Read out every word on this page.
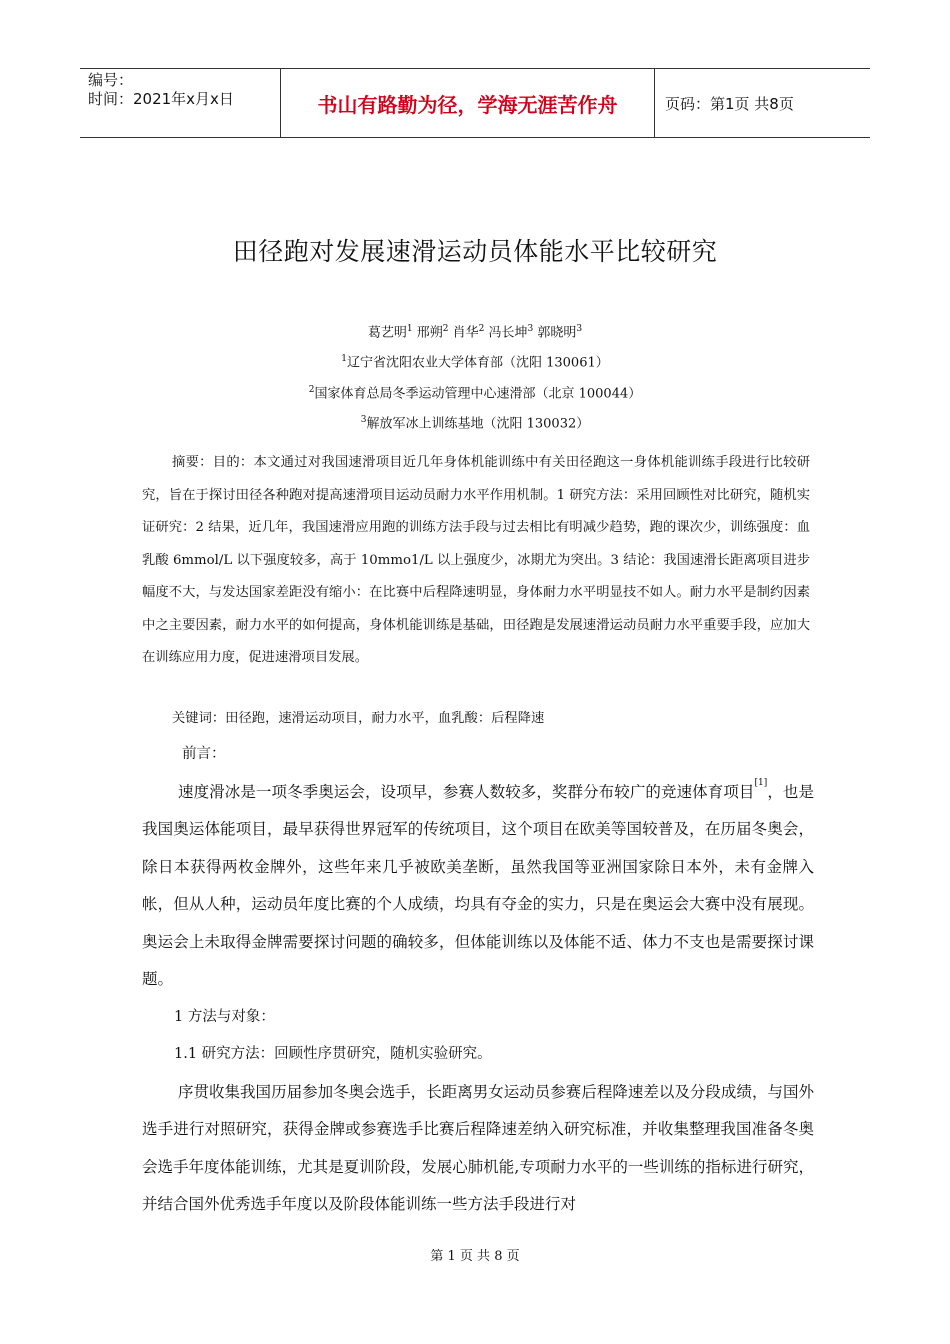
编号：
时间：2021年x月x日	书山有路勤为径，学海无涯苦作舟	页码：第1页 共8页
田径跑对发展速滑运动员体能水平比较研究
葛艺明$^1$ 邢朔$^2$ 肖华$^2$ 冯长坤$^3$ 郭晓明$^3$
$^1$辽宁省沈阳农业大学体育部（沈阳 130061）
$^2$国家体育总局冬季运动管理中心速滑部（北京 100044）
$^3$解放军冰上训练基地（沈阳 130032）

摘要：目的：本文通过对我国速滑项目近几年身体机能训练中有关田径跑这一身体机能训练手段进行比较研究，旨在于探讨田径各种跑对提高速滑项目运动员耐力水平作用机制。1 研究方法：采用回顾性对比研究，随机实证研究：2 结果，近几年，我国速滑应用跑的训练方法手段与过去相比有明减少趋势，跑的课次少，训练强度：血乳酸 6mmol/L 以下强度较多，高于 10mmo1/L 以上强度少，冰期尤为突出。3 结论：我国速滑长距离项目进步幅度不大，与发达国家差距没有缩小：在比赛中后程降速明显，身体耐力水平明显技不如人。耐力水平是制约因素中之主要因素，耐力水平的如何提高，身体机能训练是基础，田径跑是发展速滑运动员耐力水平重要手段，应加大在训练应用力度，促进速滑项目发展。

关键词：田径跑，速滑运动项目，耐力水平，血乳酸：后程降速

前言：

速度滑冰是一项冬季奥运会，设项早，参赛人数较多，奖群分布较广的竞速体育项目[1]，也是我国奥运体能项目，最早获得世界冠军的传统项目，这个项目在欧美等国较普及，在历届冬奥会，除日本获得两枚金牌外，这些年来几乎被欧美垄断，虽然我国等亚洲国家除日本外，未有金牌入帐，但从人种，运动员年度比赛的个人成绩，均具有夺金的实力，只是在奥运会大赛中没有展现。奥运会上未取得金牌需要探讨问题的确较多，但体能训练以及体能不适、体力不支也是需要探讨课题。

1 方法与对象：

1.1 研究方法：回顾性序贯研究，随机实验研究。

序贯收集我国历届参加冬奥会选手，长距离男女运动员参赛后程降速差以及分段成绩，与国外选手进行对照研究，获得金牌或参赛选手比赛后程降速差纳入研究标准，并收集整理我国准备冬奥会选手年度体能训练，尤其是夏训阶段，发展心肺机能,专项耐力水平的一些训练的指标进行研究，并结合国外优秀选手年度以及阶段体能训练一些方法手段进行对

第 1 页 共 8 页
